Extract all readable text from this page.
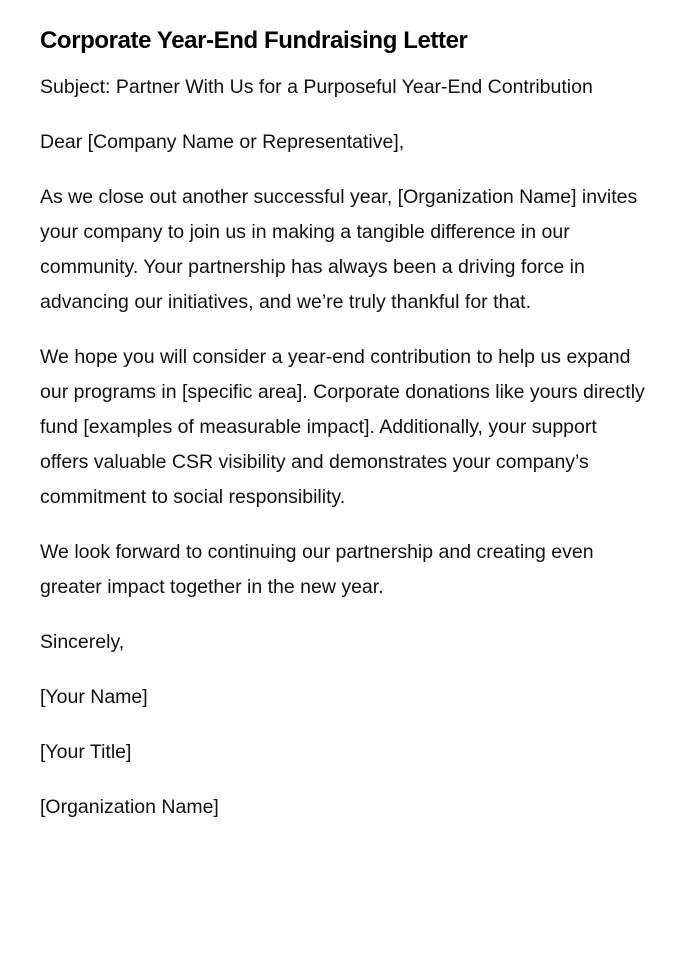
Corporate Year-End Fundraising Letter

Subject: Partner With Us for a Purposeful Year-End Contribution

Dear [Company Name or Representative],

As we close out another successful year, [Organization Name] invites your company to join us in making a tangible difference in our community. Your partnership has always been a driving force in advancing our initiatives, and we’re truly thankful for that.

We hope you will consider a year-end contribution to help us expand our programs in [specific area]. Corporate donations like yours directly fund [examples of measurable impact]. Additionally, your support offers valuable CSR visibility and demonstrates your company’s commitment to social responsibility.

We look forward to continuing our partnership and creating even greater impact together in the new year.

Sincerely,

[Your Name]

[Your Title]

[Organization Name]
